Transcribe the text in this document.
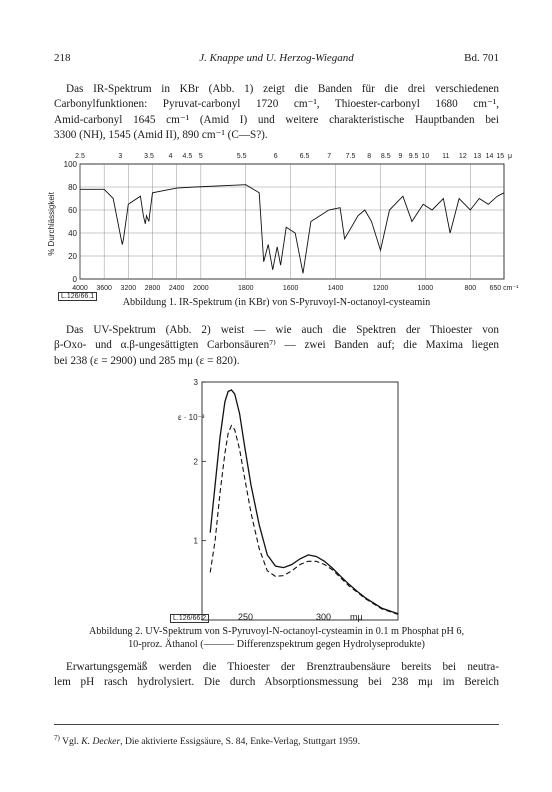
218	J. Knappe und U. Herzog-Wiegand	Bd. 701
Das IR-Spektrum in KBr (Abb. 1) zeigt die Banden für die drei verschiedenen
Carbonylfunktionen: Pyruvat-carbonyl 1720 cm⁻¹, Thioester-carbonyl 1680 cm⁻¹,
Amid-carbonyl 1645 cm⁻¹ (Amid I) und weitere charakteristische Hauptbanden bei
3300 (NH), 1545 (Amid II), 890 cm⁻¹ (C—S?).
2.5	3	3.5 4 4.5 5	5.5	6	6.5	7 7.5 8 8.5 9 9.5 10 11 12 13 14 15 μ
100
80
60
40
20
0
% Durchlässigkeit
4000 3600 3200 2800 2400 2000	1800	1600	1400	1200	1000	800 650 cm⁻¹
L.126/66.1
Abbildung 1. IR-Spektrum (in KBr) von S-Pyruvoyl-N-octanoyl-cysteamin
Das UV-Spektrum (Abb. 2) weist — wie auch die Spektren der Thioester von
β-Oxo- und α.β-ungesättigten Carbonsäuren⁷⁾ — zwei Banden auf; die Maxima liegen
bei 238 (ε = 2900) und 285 mμ (ε = 820).
3
2
1
ε · 10⁻³
L.126/66.2	250	300 mμ
Abbildung 2. UV-Spektrum von S-Pyruvoyl-N-octanoyl-cysteamin in 0.1 m Phosphat pH 6,
10-proz. Äthanol (——— Differenzspektrum gegen Hydrolyseprodukte)
Erwartungsgemäß werden die Thioester der Brenztraubensäure bereits bei neutra-
lem pH rasch hydrolysiert. Die durch Absorptionsmessung bei 238 mμ im Bereich
$^{7)}$ Vgl. K. Decker, Die aktivierte Essigsäure, S. 84, Enke-Verlag, Stuttgart 1959.
